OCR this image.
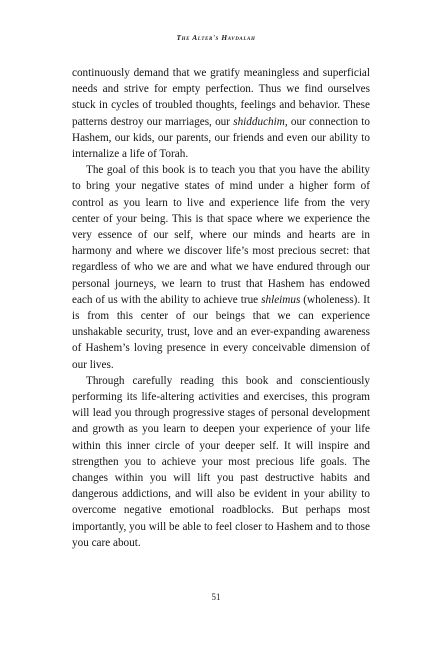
The Alter's Havdalah

continuously demand that we gratify meaningless and superficial needs and strive for empty perfection. Thus we find ourselves stuck in cycles of troubled thoughts, feelings and behavior. These patterns destroy our marriages, our shidduchim, our connection to Hashem, our kids, our parents, our friends and even our ability to internalize a life of Torah.

The goal of this book is to teach you that you have the ability to bring your negative states of mind under a higher form of control as you learn to live and experience life from the very center of your being. This is that space where we experience the very essence of our self, where our minds and hearts are in harmony and where we discover life’s most precious secret: that regardless of who we are and what we have endured through our personal journeys, we learn to trust that Hashem has endowed each of us with the ability to achieve true shleimus (wholeness). It is from this center of our beings that we can experience unshakable security, trust, love and an ever-expanding awareness of Hashem’s loving presence in every conceivable dimension of our lives.

Through carefully reading this book and conscientiously performing its life-altering activities and exercises, this program will lead you through progressive stages of personal development and growth as you learn to deepen your experience of your life within this inner circle of your deeper self. It will inspire and strengthen you to achieve your most precious life goals. The changes within you will lift you past destructive habits and dangerous addictions, and will also be evident in your ability to overcome negative emotional roadblocks. But perhaps most importantly, you will be able to feel closer to Hashem and to those you care about.

51
